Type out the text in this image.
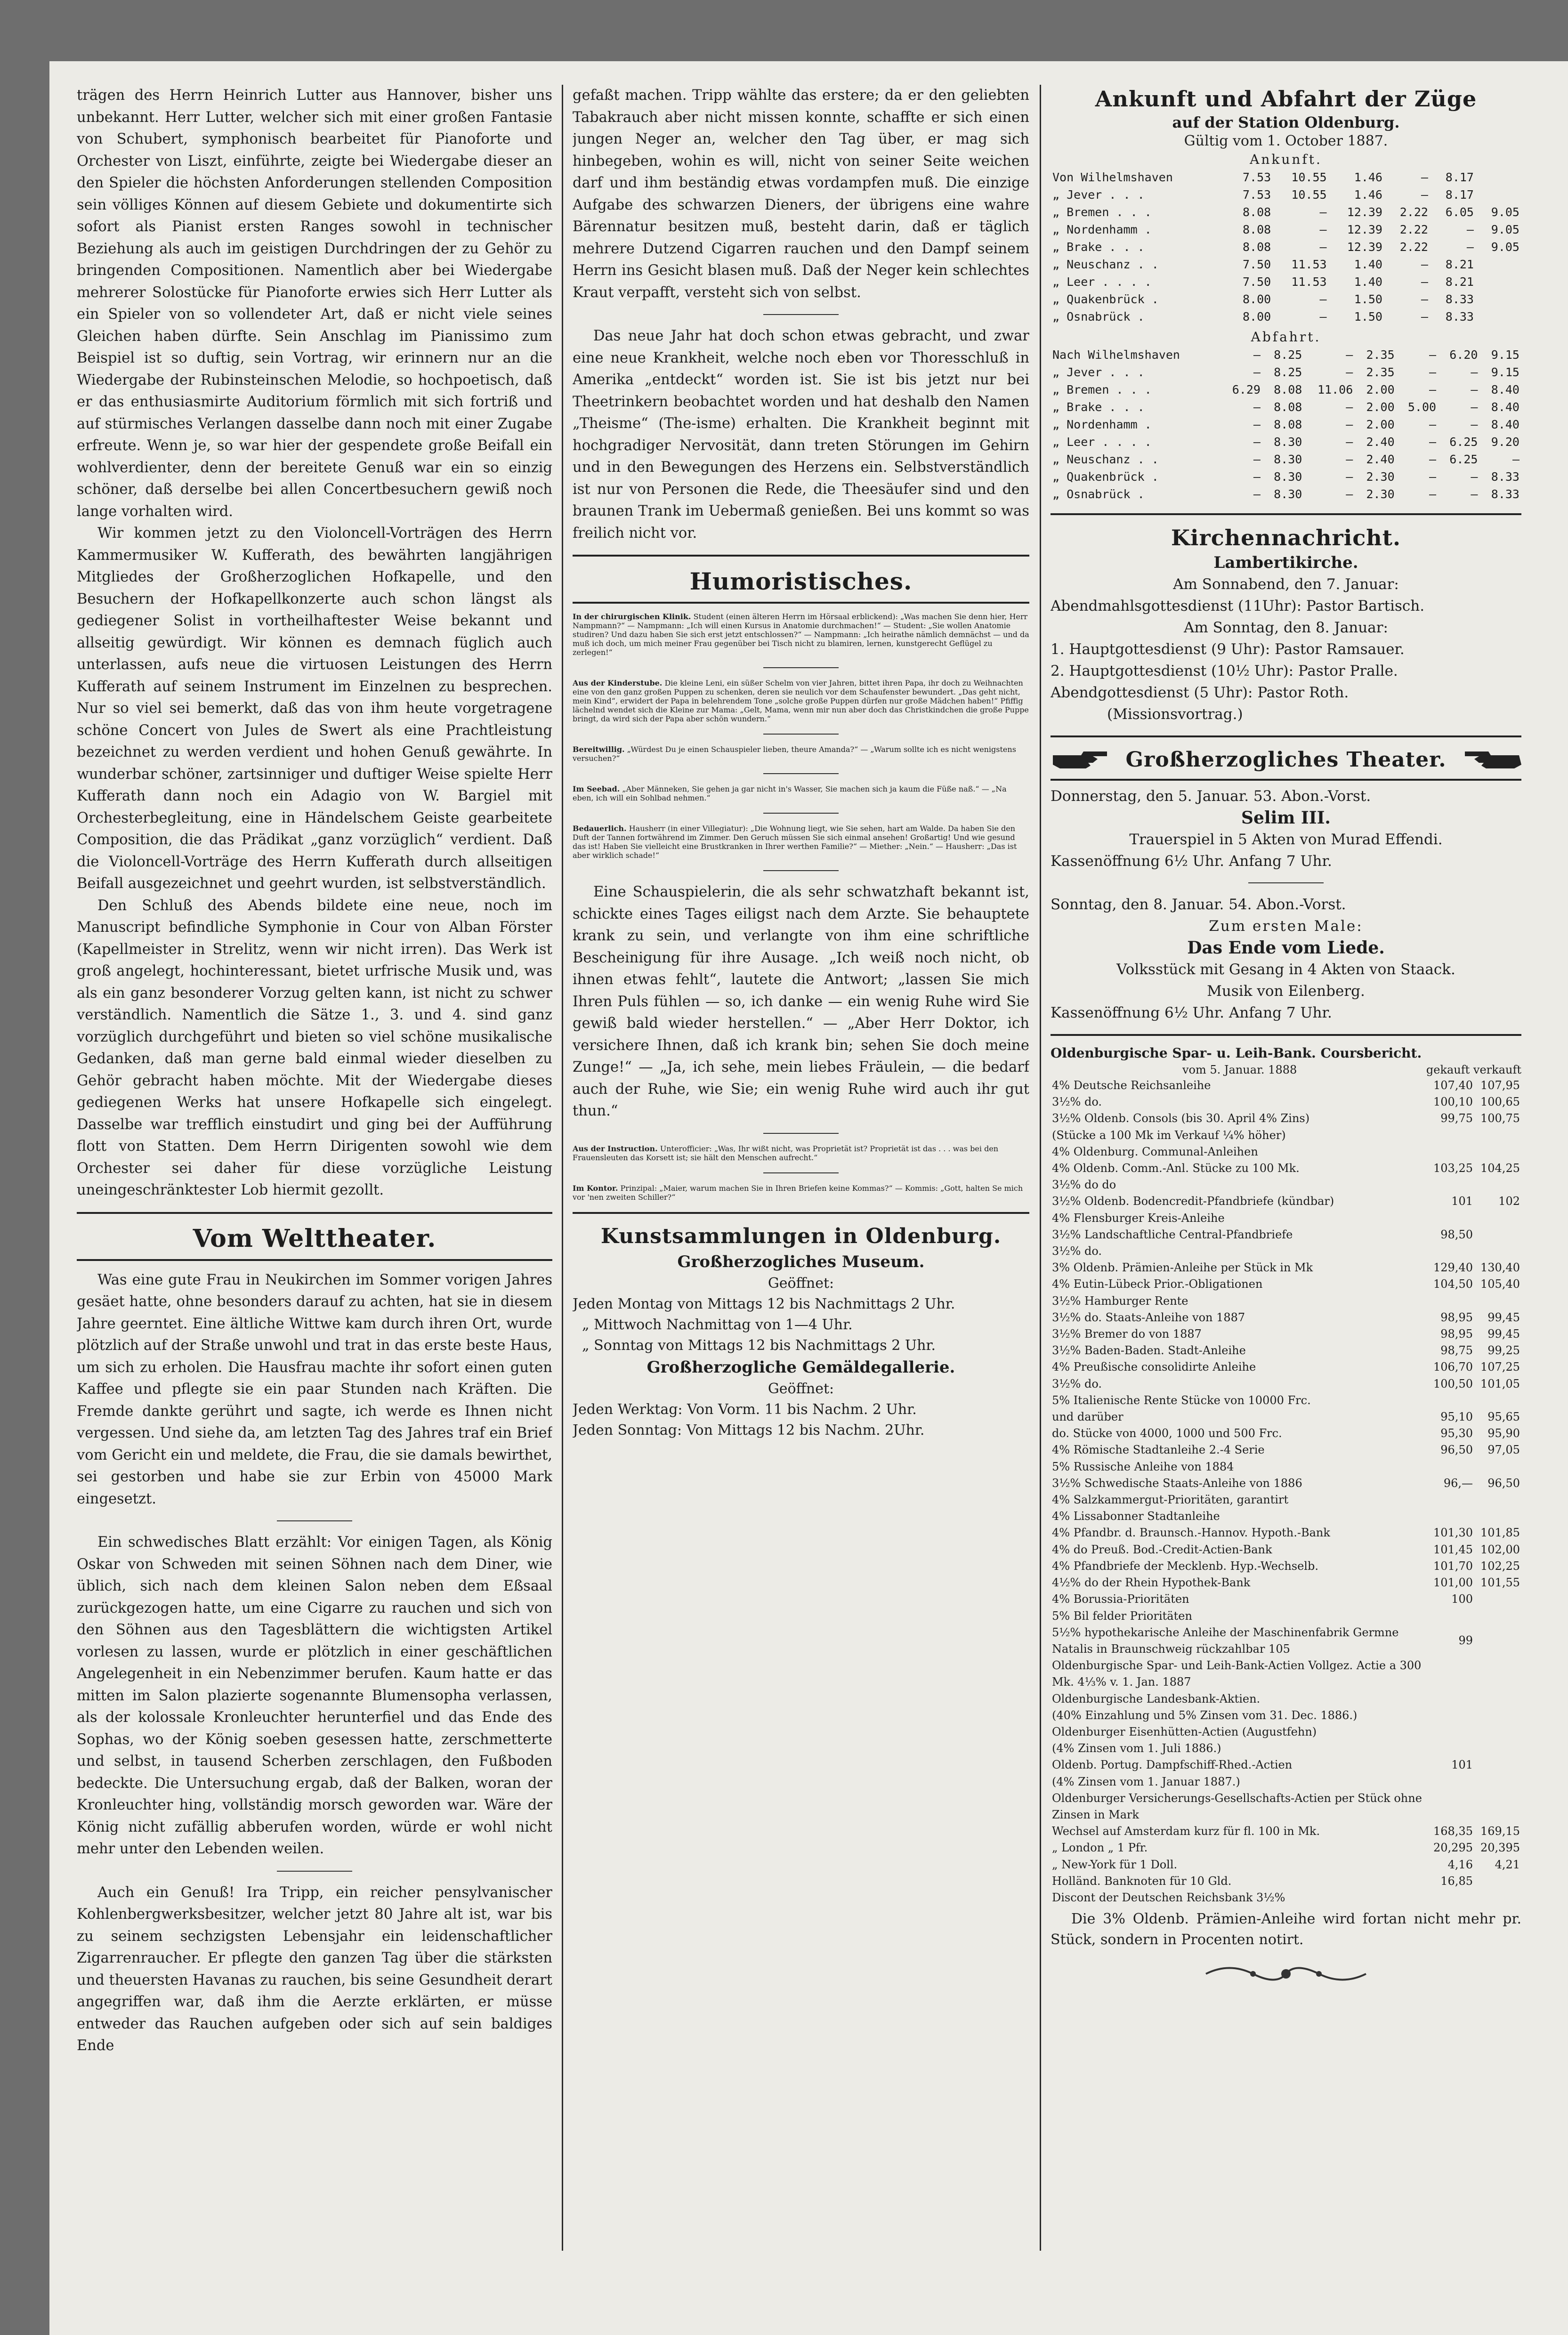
trägen des Herrn Heinrich Lutter aus Hannover, bisher uns unbekannt. Herr Lutter, welcher sich mit einer großen Fantasie von Schubert, symphonisch bearbeitet für Pianoforte und Orchester von Liszt, einführte, zeigte bei Wiedergabe dieser an den Spieler die höchsten Anforderungen stellenden Composition sein völliges Können auf diesem Gebiete und dokumentirte sich sofort als Pianist ersten Ranges sowohl in technischer Beziehung als auch im geistigen Durchdringen der zu Gehör zu bringenden Compositionen. Namentlich aber bei Wiedergabe mehrerer Solostücke für Pianoforte erwies sich Herr Lutter als ein Spieler von so vollendeter Art, daß er nicht viele seines Gleichen haben dürfte. Sein Anschlag im Pianissimo zum Beispiel ist so duftig, sein Vortrag, wir erinnern nur an die Wiedergabe der Rubinsteinschen Melodie, so hochpoetisch, daß er das enthusiasmirte Auditorium förmlich mit sich fortriß und auf stürmisches Verlangen dasselbe dann noch mit einer Zugabe erfreute. Wenn je, so war hier der gespendete große Beifall ein wohlverdienter, denn der bereitete Genuß war ein so einzig schöner, daß derselbe bei allen Concertbesuchern gewiß noch lange vorhalten wird.

Wir kommen jetzt zu den Violoncell-Vorträgen des Herrn Kammermusiker W. Kufferath, des bewährten langjährigen Mitgliedes der Großherzoglichen Hofkapelle, und den Besuchern der Hofkapellkonzerte auch schon längst als gediegener Solist in vortheilhaftester Weise bekannt und allseitig gewürdigt. Wir können es demnach füglich auch unterlassen, aufs neue die virtuosen Leistungen des Herrn Kufferath auf seinem Instrument im Einzelnen zu besprechen. Nur so viel sei bemerkt, daß das von ihm heute vorgetragene schöne Concert von Jules de Swert als eine Prachtleistung bezeichnet zu werden verdient und hohen Genuß gewährte. In wunderbar schöner, zartsinniger und duftiger Weise spielte Herr Kufferath dann noch ein Adagio von W. Bargiel mit Orchesterbegleitung, eine in Händelschem Geiste gearbeitete Composition, die das Prädikat „ganz vorzüglich“ verdient. Daß die Violoncell-Vorträge des Herrn Kufferath durch allseitigen Beifall ausgezeichnet und geehrt wurden, ist selbstverständlich.

Den Schluß des Abends bildete eine neue, noch im Manuscript befindliche Symphonie in Cour von Alban Förster (Kapellmeister in Strelitz, wenn wir nicht irren). Das Werk ist groß angelegt, hochinteressant, bietet urfrische Musik und, was als ein ganz besonderer Vorzug gelten kann, ist nicht zu schwer verständlich. Namentlich die Sätze 1., 3. und 4. sind ganz vorzüglich durchgeführt und bieten so viel schöne musikalische Gedanken, daß man gerne bald einmal wieder dieselben zu Gehör gebracht haben möchte. Mit der Wiedergabe dieses gediegenen Werks hat unsere Hofkapelle sich eingelegt. Dasselbe war trefflich einstudirt und ging bei der Aufführung flott von Statten. Dem Herrn Dirigenten sowohl wie dem Orchester sei daher für diese vorzügliche Leistung uneingeschränktester Lob hiermit gezollt.

Vom Welttheater.

Was eine gute Frau in Neukirchen im Sommer vorigen Jahres gesäet hatte, ohne besonders darauf zu achten, hat sie in diesem Jahre geerntet. Eine ältliche Wittwe kam durch ihren Ort, wurde plötzlich auf der Straße unwohl und trat in das erste beste Haus, um sich zu erholen. Die Hausfrau machte ihr sofort einen guten Kaffee und pflegte sie ein paar Stunden nach Kräften. Die Fremde dankte gerührt und sagte, ich werde es Ihnen nicht vergessen. Und siehe da, am letzten Tag des Jahres traf ein Brief vom Gericht ein und meldete, die Frau, die sie damals bewirthet, sei gestorben und habe sie zur Erbin von 45000 Mark eingesetzt.

Ein schwedisches Blatt erzählt: Vor einigen Tagen, als König Oskar von Schweden mit seinen Söhnen nach dem Diner, wie üblich, sich nach dem kleinen Salon neben dem Eßsaal zurückgezogen hatte, um eine Cigarre zu rauchen und sich von den Söhnen aus den Tagesblättern die wichtigsten Artikel vorlesen zu lassen, wurde er plötzlich in einer geschäftlichen Angelegenheit in ein Nebenzimmer berufen. Kaum hatte er das mitten im Salon plazierte sogenannte Blumensopha verlassen, als der kolossale Kronleuchter herunterfiel und das Ende des Sophas, wo der König soeben gesessen hatte, zerschmetterte und selbst, in tausend Scherben zerschlagen, den Fußboden bedeckte. Die Untersuchung ergab, daß der Balken, woran der Kronleuchter hing, vollständig morsch geworden war. Wäre der König nicht zufällig abberufen worden, würde er wohl nicht mehr unter den Lebenden weilen.

Auch ein Genuß! Ira Tripp, ein reicher pensylvanischer Kohlenbergwerksbesitzer, welcher jetzt 80 Jahre alt ist, war bis zu seinem sechzigsten Lebensjahr ein leidenschaftlicher Zigarrenraucher. Er pflegte den ganzen Tag über die stärksten und theuersten Havanas zu rauchen, bis seine Gesundheit derart angegriffen war, daß ihm die Aerzte erklärten, er müsse entweder das Rauchen aufgeben oder sich auf sein baldiges Ende

gefaßt machen. Tripp wählte das erstere; da er den geliebten Tabakrauch aber nicht missen konnte, schaffte er sich einen jungen Neger an, welcher den Tag über, er mag sich hinbegeben, wohin es will, nicht von seiner Seite weichen darf und ihm beständig etwas vordampfen muß. Die einzige Aufgabe des schwarzen Dieners, der übrigens eine wahre Bärennatur besitzen muß, besteht darin, daß er täglich mehrere Dutzend Cigarren rauchen und den Dampf seinem Herrn ins Gesicht blasen muß. Daß der Neger kein schlechtes Kraut verpafft, versteht sich von selbst.

Das neue Jahr hat doch schon etwas gebracht, und zwar eine neue Krankheit, welche noch eben vor Thoresschluß in Amerika „entdeckt“ worden ist. Sie ist bis jetzt nur bei Theetrinkern beobachtet worden und hat deshalb den Namen „Theisme“ (The-isme) erhalten. Die Krankheit beginnt mit hochgradiger Nervosität, dann treten Störungen im Gehirn und in den Bewegungen des Herzens ein. Selbstverständlich ist nur von Personen die Rede, die Theesäufer sind und den braunen Trank im Uebermaß genießen. Bei uns kommt so was freilich nicht vor.

Humoristisches.

In der chirurgischen Klinik. Student (einen älteren Herrn im Hörsaal erblickend): „Was machen Sie denn hier, Herr Nampmann?“ — Nampmann: „Ich will einen Kursus in Anatomie durchmachen!“ — Student: „Sie wollen Anatomie studiren? Und dazu haben Sie sich erst jetzt entschlossen?“ — Nampmann: „Ich heirathe nämlich demnächst — und da muß ich doch, um mich meiner Frau gegenüber bei Tisch nicht zu blamiren, lernen, kunstgerecht Geflügel zu zerlegen!“

Aus der Kinderstube. Die kleine Leni, ein süßer Schelm von vier Jahren, bittet ihren Papa, ihr doch zu Weihnachten eine von den ganz großen Puppen zu schenken, deren sie neulich vor dem Schaufenster bewundert. „Das geht nicht, mein Kind“, erwidert der Papa in belehrendem Tone „solche große Puppen dürfen nur große Mädchen haben!“ Pfiffig lächelnd wendet sich die Kleine zur Mama: „Gelt, Mama, wenn mir nun aber doch das Christkindchen die große Puppe bringt, da wird sich der Papa aber schön wundern.“

Bereitwillig. „Würdest Du je einen Schauspieler lieben, theure Amanda?“ — „Warum sollte ich es nicht wenigstens versuchen?“

Im Seebad. „Aber Männeken, Sie gehen ja gar nicht in's Wasser, Sie machen sich ja kaum die Füße naß.“ — „Na eben, ich will ein Sohlbad nehmen.“

Bedauerlich. Hausherr (in einer Villegiatur): „Die Wohnung liegt, wie Sie sehen, hart am Walde. Da haben Sie den Duft der Tannen fortwährend im Zimmer. Den Geruch müssen Sie sich einmal ansehen! Großartig! Und wie gesund das ist! Haben Sie vielleicht eine Brustkranken in Ihrer werthen Familie?“ — Miether: „Nein.“ — Hausherr: „Das ist aber wirklich schade!“

Eine Schauspielerin, die als sehr schwatzhaft bekannt ist, schickte eines Tages eiligst nach dem Arzte. Sie behauptete krank zu sein, und verlangte von ihm eine schriftliche Bescheinigung für ihre Ausage. „Ich weiß noch nicht, ob ihnen etwas fehlt“, lautete die Antwort; „lassen Sie mich Ihren Puls fühlen — so, ich danke — ein wenig Ruhe wird Sie gewiß bald wieder herstellen.“ — „Aber Herr Doktor, ich versichere Ihnen, daß ich krank bin; sehen Sie doch meine Zunge!“ — „Ja, ich sehe, mein liebes Fräulein, — die bedarf auch der Ruhe, wie Sie; ein wenig Ruhe wird auch ihr gut thun.“

Aus der Instruction. Unterofficier: „Was, Ihr wißt nicht, was Proprietät ist? Proprietät ist das . . . was bei den Frauensleuten das Korsett ist; sie hält den Menschen aufrecht.“

Im Kontor. Prinzipal: „Maier, warum machen Sie in Ihren Briefen keine Kommas?“ — Kommis: „Gott, halten Se mich vor 'nen zweiten Schiller?“

Kunstsammlungen in Oldenburg.
Großherzogliches Museum.
Geöffnet:
Jeden Montag von Mittags 12 bis Nachmittags 2 Uhr.
„ Mittwoch Nachmittag von 1—4 Uhr.
„ Sonntag von Mittags 12 bis Nachmittags 2 Uhr.
Großherzogliche Gemäldegallerie.
Geöffnet:
Jeden Werktag: Von Vorm. 11 bis Nachm. 2 Uhr.
Jeden Sonntag: Von Mittags 12 bis Nachm. 2Uhr.
Ankunft und Abfahrt der Züge
auf der Station Oldenburg.
Gültig vom 1. October 1887.
Ankunft.
Von Wilhelmshaven	7.53	10.55	1.46	—	8.17	
„ Jever . . .	7.53	10.55	1.46	—	8.17	
„ Bremen . . .	8.08	—	12.39	2.22	6.05	9.05
„ Nordenhamm .	8.08	—	12.39	2.22	—	9.05
„ Brake . . .	8.08	—	12.39	2.22	—	9.05
„ Neuschanz . .	7.50	11.53	1.40	—	8.21	
„ Leer . . . .	7.50	11.53	1.40	—	8.21	
„ Quakenbrück .	8.00	—	1.50	—	8.33	
„ Osnabrück .	8.00	—	1.50	—	8.33	
Abfahrt.
Nach Wilhelmshaven	—	8.25	—	2.35	—	6.20	9.15
„ Jever . . .	—	8.25	—	2.35	—	—	9.15
„ Bremen . . .	6.29	8.08	11.06	2.00	—	—	8.40
„ Brake . . .	—	8.08	—	2.00	5.00	—	8.40
„ Nordenhamm .	—	8.08	—	2.00	—	—	8.40
„ Leer . . . .	—	8.30	—	2.40	—	6.25	9.20
„ Neuschanz . .	—	8.30	—	2.40	—	6.25	—
„ Quakenbrück .	—	8.30	—	2.30	—	—	8.33
„ Osnabrück .	—	8.30	—	2.30	—	—	8.33
Kirchennachricht.
Lambertikirche.

Am Sonnabend, den 7. Januar:

Abendmahlsgottesdienst (11Uhr): Pastor Bartisch.

Am Sonntag, den 8. Januar:

1. Hauptgottesdienst (9 Uhr): Pastor Ramsauer.

2. Hauptgottesdienst (10½ Uhr): Pastor Pralle.

Abendgottesdienst (5 Uhr): Pastor Roth.

(Missionsvortrag.)

Großherzogliches Theater.

Donnerstag, den 5. Januar. 53. Abon.-Vorst.

Selim III.

Trauerspiel in 5 Akten von Murad Effendi.

Kassenöffnung 6½ Uhr. Anfang 7 Uhr.

Sonntag, den 8. Januar. 54. Abon.-Vorst.

Zum ersten Male:

Das Ende vom Liede.

Volksstück mit Gesang in 4 Akten von Staack.

Musik von Eilenberg.

Kassenöffnung 6½ Uhr. Anfang 7 Uhr.

Oldenburgische Spar- u. Leih-Bank. Coursbericht.
vom 5. Januar. 1888	gekauft verkauft
4% Deutsche Reichsanleihe	107,40	107,95
3½% do.	100,10	100,65
3½% Oldenb. Consols (bis 30. April 4% Zins)	99,75	100,75
(Stücke a 100 Mk im Verkauf ¼% höher)		
4% Oldenburg. Communal-Anleihen		
4% Oldenb. Comm.-Anl. Stücke zu 100 Mk.	103,25	104,25
3½% do do		
3½% Oldenb. Bodencredit-Pfandbriefe (kündbar)	101	102
4% Flensburger Kreis-Anleihe		
3½% Landschaftliche Central-Pfandbriefe	98,50	
3½% do.		
3% Oldenb. Prämien-Anleihe per Stück in Mk	129,40	130,40
4% Eutin-Lübeck Prior.-Obligationen	104,50	105,40
3½% Hamburger Rente		
3½% do. Staats-Anleihe von 1887	98,95	99,45
3½% Bremer do von 1887	98,95	99,45
3½% Baden-Baden. Stadt-Anleihe	98,75	99,25
4% Preußische consolidirte Anleihe	106,70	107,25
3½% do.	100,50	101,05
5% Italienische Rente Stücke von 10000 Frc.		
und darüber	95,10	95,65
do. Stücke von 4000, 1000 und 500 Frc.	95,30	95,90
4% Römische Stadtanleihe 2.-4 Serie	96,50	97,05
5% Russische Anleihe von 1884		
3½% Schwedische Staats-Anleihe von 1886	96,—	96,50
4% Salzkammergut-Prioritäten, garantirt		
4% Lissabonner Stadtanleihe		
4% Pfandbr. d. Braunsch.-Hannov. Hypoth.-Bank	101,30	101,85
4% do Preuß. Bod.-Credit-Actien-Bank	101,45	102,00
4% Pfandbriefe der Mecklenb. Hyp.-Wechselb.	101,70	102,25
4½% do der Rhein Hypothek-Bank	101,00	101,55
4% Borussia-Prioritäten	100	
5% Bil felder Prioritäten		
5½% hypothekarische Anleihe der Maschinenfabrik Germne Natalis in Braunschweig rückzahlbar 105	99	
Oldenburgische Spar- und Leih-Bank-Actien Vollgez. Actie a 300 Mk. 4⅓% v. 1. Jan. 1887		
Oldenburgische Landesbank-Aktien.		
(40% Einzahlung und 5% Zinsen vom 31. Dec. 1886.)		
Oldenburger Eisenhütten-Actien (Augustfehn)		
(4% Zinsen vom 1. Juli 1886.)		
Oldenb. Portug. Dampfschiff-Rhed.-Actien	101	
(4% Zinsen vom 1. Januar 1887.)		
Oldenburger Versicherungs-Gesellschafts-Actien per Stück ohne Zinsen in Mark		
Wechsel auf Amsterdam kurz für fl. 100 in Mk.	168,35	169,15
„ London „ 1 Pfr.	20,295	20,395
„ New-York für 1 Doll.	4,16	4,21
Holländ. Banknoten für 10 Gld.	16,85	
Discont der Deutschen Reichsbank 3½%		

Die 3% Oldenb. Prämien-Anleihe wird fortan nicht mehr pr. Stück, sondern in Procenten notirt.
